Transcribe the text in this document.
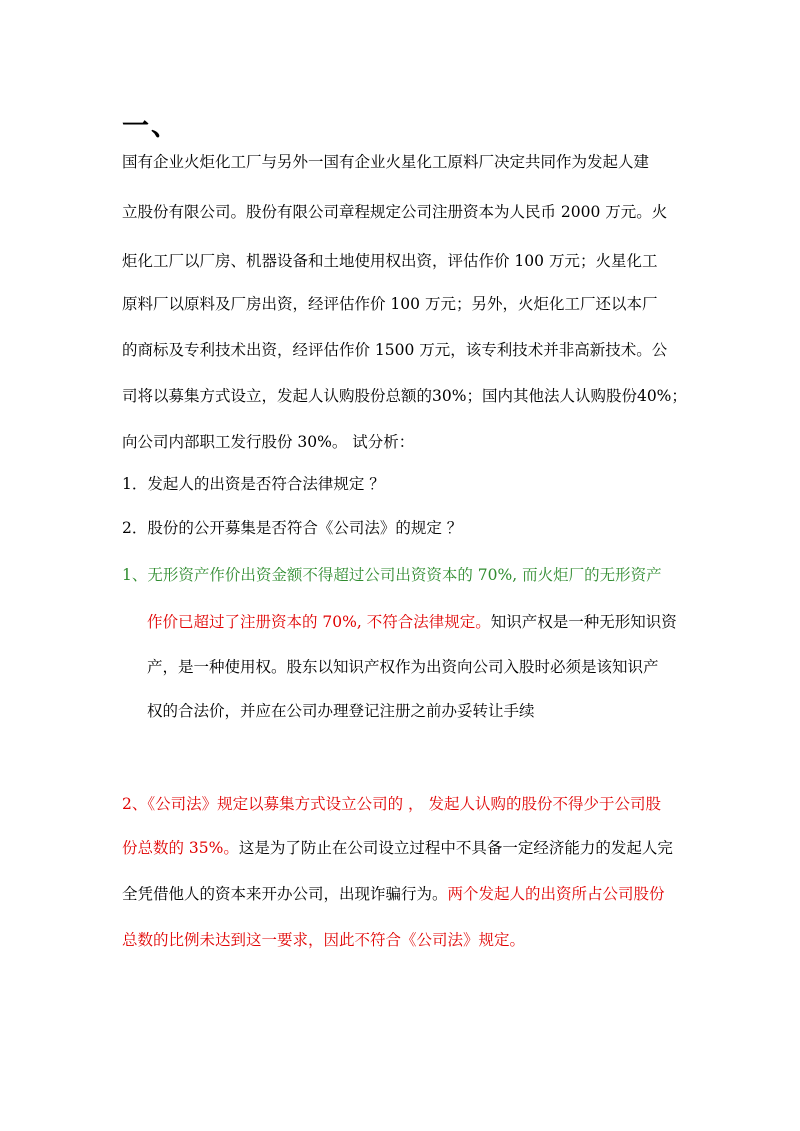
一、
国有企业火炬化工厂与另外一国有企业火星化工原料厂决定共同作为发起人建
立股份有限公司。股份有限公司章程规定公司注册资本为人民币 2000 万元。火
炬化工厂以厂房、机器设备和土地使用权出资，评估作价 100 万元；火星化工
原料厂以原料及厂房出资，经评估作价 100 万元；另外，火炬化工厂还以本厂
的商标及专利技术出资，经评估作价 1500 万元，该专利技术并非高新技术。公
司将以募集方式设立，发起人认购股份总额的30%；国内其他法人认购股份40%；
向公司内部职工发行股份 30%。 试分析：
1．发起人的出资是否符合法律规定 ？
2．股份的公开募集是否符合《公司法》的规定 ？
1、无形资产作价出资金额不得超过公司出资资本的 70%, 而火炬厂的无形资产
作价已超过了注册资本的 70%, 不符合法律规定。知识产权是一种无形知识资
产，是一种使用权。股东以知识产权作为出资向公司入股时必须是该知识产
权的合法价，并应在公司办理登记注册之前办妥转让手续
2、《公司法》规定以募集方式设立公司的 ， 发起人认购的股份不得少于公司股
份总数的 35%。这是为了防止在公司设立过程中不具备一定经济能力的发起人完
全凭借他人的资本来开办公司，出现诈骗行为。两个发起人的出资所占公司股份
总数的比例未达到这一要求，因此不符合《公司法》规定。
